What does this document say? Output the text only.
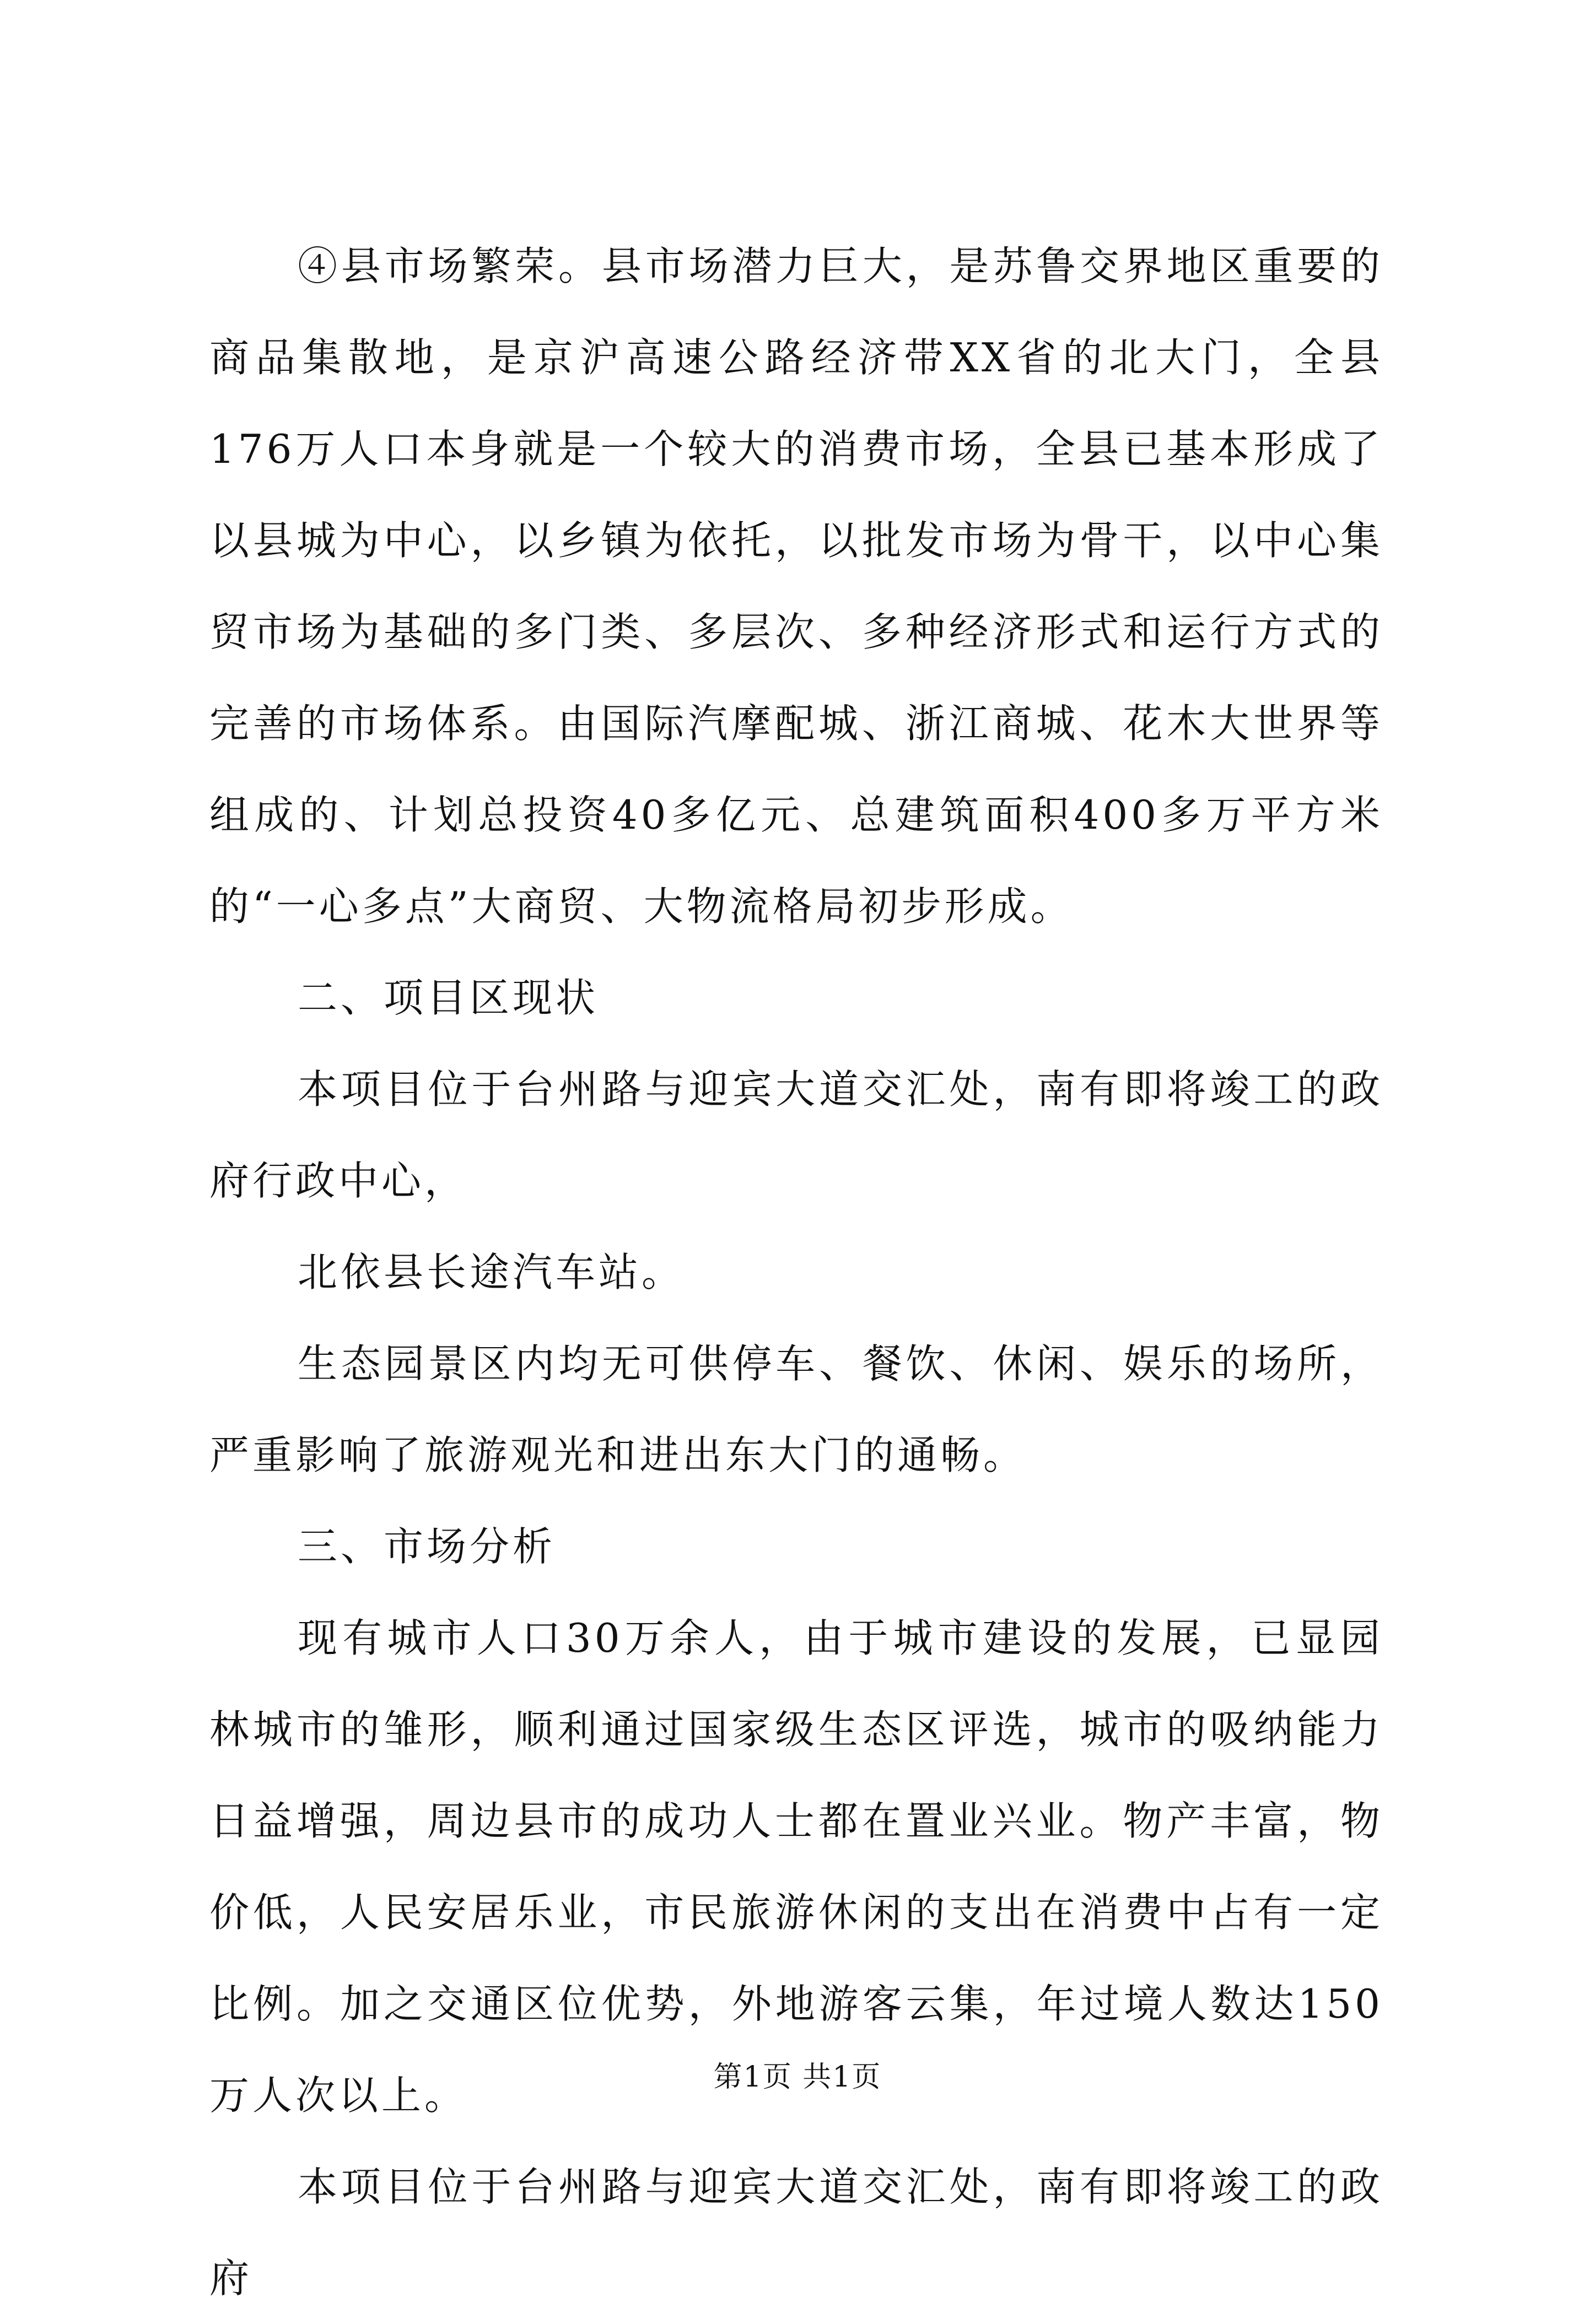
④县市场繁荣。县市场潜力巨大，是苏鲁交界地区重要的商品集散地，是京沪高速公路经济带XX省的北大门，全县176万人口本身就是一个较大的消费市场，全县已基本形成了以县城为中心，以乡镇为依托，以批发市场为骨干，以中心集贸市场为基础的多门类、多层次、多种经济形式和运行方式的完善的市场体系。由国际汽摩配城、浙江商城、花木大世界等组成的、计划总投资40多亿元、总建筑面积400多万平方米的“一心多点”大商贸、大物流格局初步形成。

二、项目区现状

本项目位于台州路与迎宾大道交汇处，南有即将竣工的政府行政中心，

北依县长途汽车站。

生态园景区内均无可供停车、餐饮、休闲、娱乐的场所，严重影响了旅游观光和进出东大门的通畅。

三、市场分析

现有城市人口30万余人，由于城市建设的发展，已显园林城市的雏形，顺利通过国家级生态区评选，城市的吸纳能力日益增强，周边县市的成功人士都在置业兴业。物产丰富，物价低，人民安居乐业，市民旅游休闲的支出在消费中占有一定比例。加之交通区位优势，外地游客云集，年过境人数达150万人次以上。

本项目位于台州路与迎宾大道交汇处，南有即将竣工的政府

第1页 共1页
